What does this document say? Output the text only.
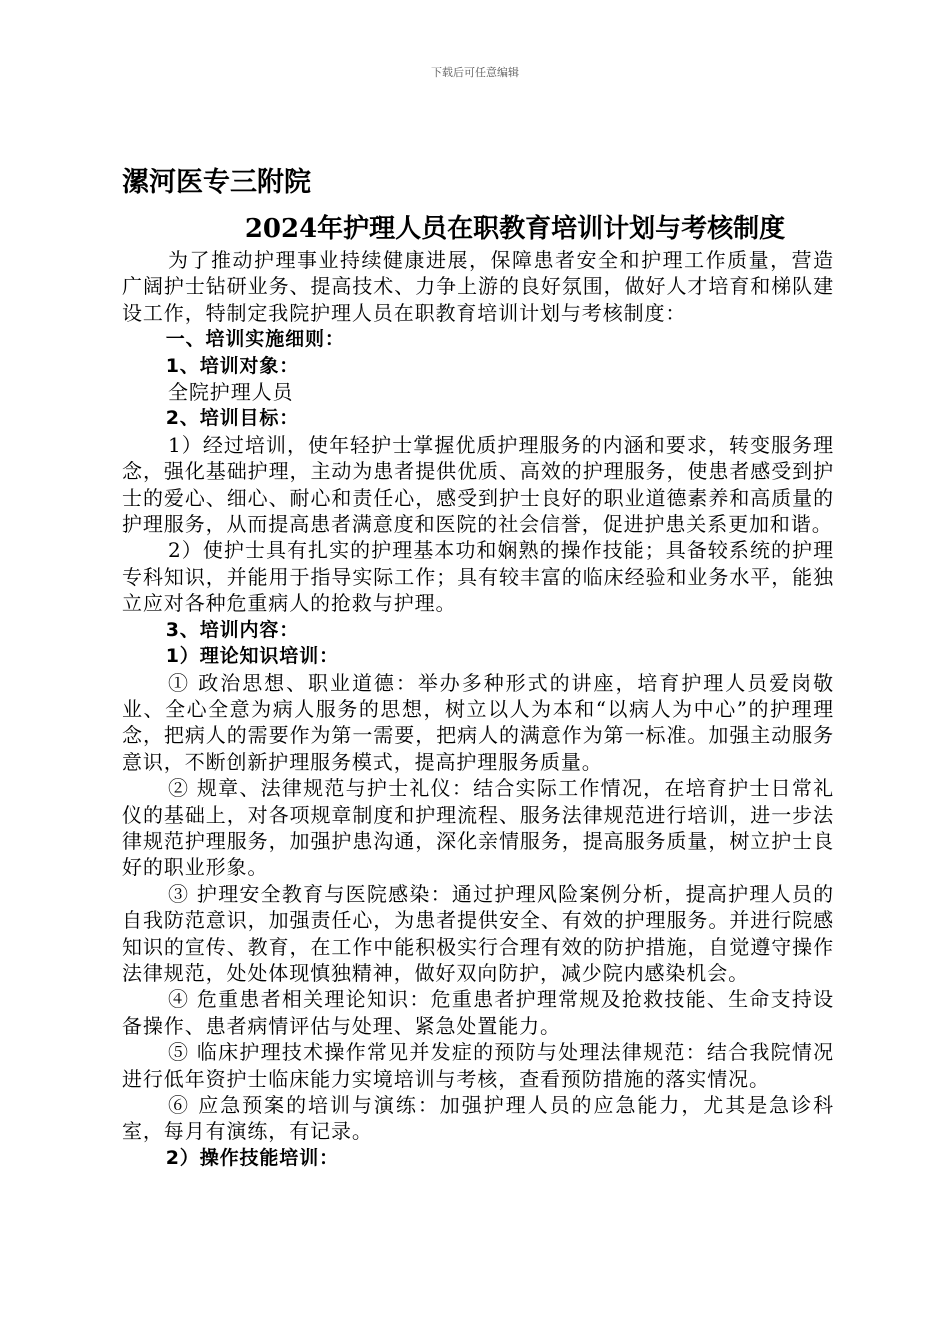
下载后可任意编辑
漯河医专三附院
2024年护理人员在职教育培训计划与考核制度

为了推动护理事业持续健康进展，保障患者安全和护理工作质量，营造广阔护士钻研业务、提高技术、力争上游的良好氛围，做好人才培育和梯队建设工作，特制定我院护理人员在职教育培训计划与考核制度：

一、培训实施细则：

1、培训对象：

全院护理人员

2、培训目标：

1）经过培训，使年轻护士掌握优质护理服务的内涵和要求，转变服务理念，强化基础护理，主动为患者提供优质、高效的护理服务，使患者感受到护士的爱心、细心、耐心和责任心，感受到护士良好的职业道德素养和高质量的护理服务，从而提高患者满意度和医院的社会信誉，促进护患关系更加和谐。

2）使护士具有扎实的护理基本功和娴熟的操作技能；具备较系统的护理专科知识，并能用于指导实际工作；具有较丰富的临床经验和业务水平，能独立应对各种危重病人的抢救与护理。

3、培训内容：

1）理论知识培训：

① 政治思想、职业道德：举办多种形式的讲座，培育护理人员爱岗敬业、全心全意为病人服务的思想，树立以人为本和“以病人为中心”的护理理念，把病人的需要作为第一需要，把病人的满意作为第一标准。加强主动服务意识，不断创新护理服务模式，提高护理服务质量。

② 规章、法律规范与护士礼仪：结合实际工作情况，在培育护士日常礼仪的基础上，对各项规章制度和护理流程、服务法律规范进行培训，进一步法律规范护理服务，加强护患沟通，深化亲情服务，提高服务质量，树立护士良好的职业形象。

③ 护理安全教育与医院感染：通过护理风险案例分析，提高护理人员的自我防范意识，加强责任心，为患者提供安全、有效的护理服务。并进行院感知识的宣传、教育，在工作中能积极实行合理有效的防护措施，自觉遵守操作法律规范，处处体现慎独精神，做好双向防护，减少院内感染机会。

④ 危重患者相关理论知识：危重患者护理常规及抢救技能、生命支持设备操作、患者病情评估与处理、紧急处置能力。

⑤ 临床护理技术操作常见并发症的预防与处理法律规范：结合我院情况进行低年资护士临床能力实境培训与考核，查看预防措施的落实情况。

⑥ 应急预案的培训与演练：加强护理人员的应急能力，尤其是急诊科室，每月有演练，有记录。

2）操作技能培训：
